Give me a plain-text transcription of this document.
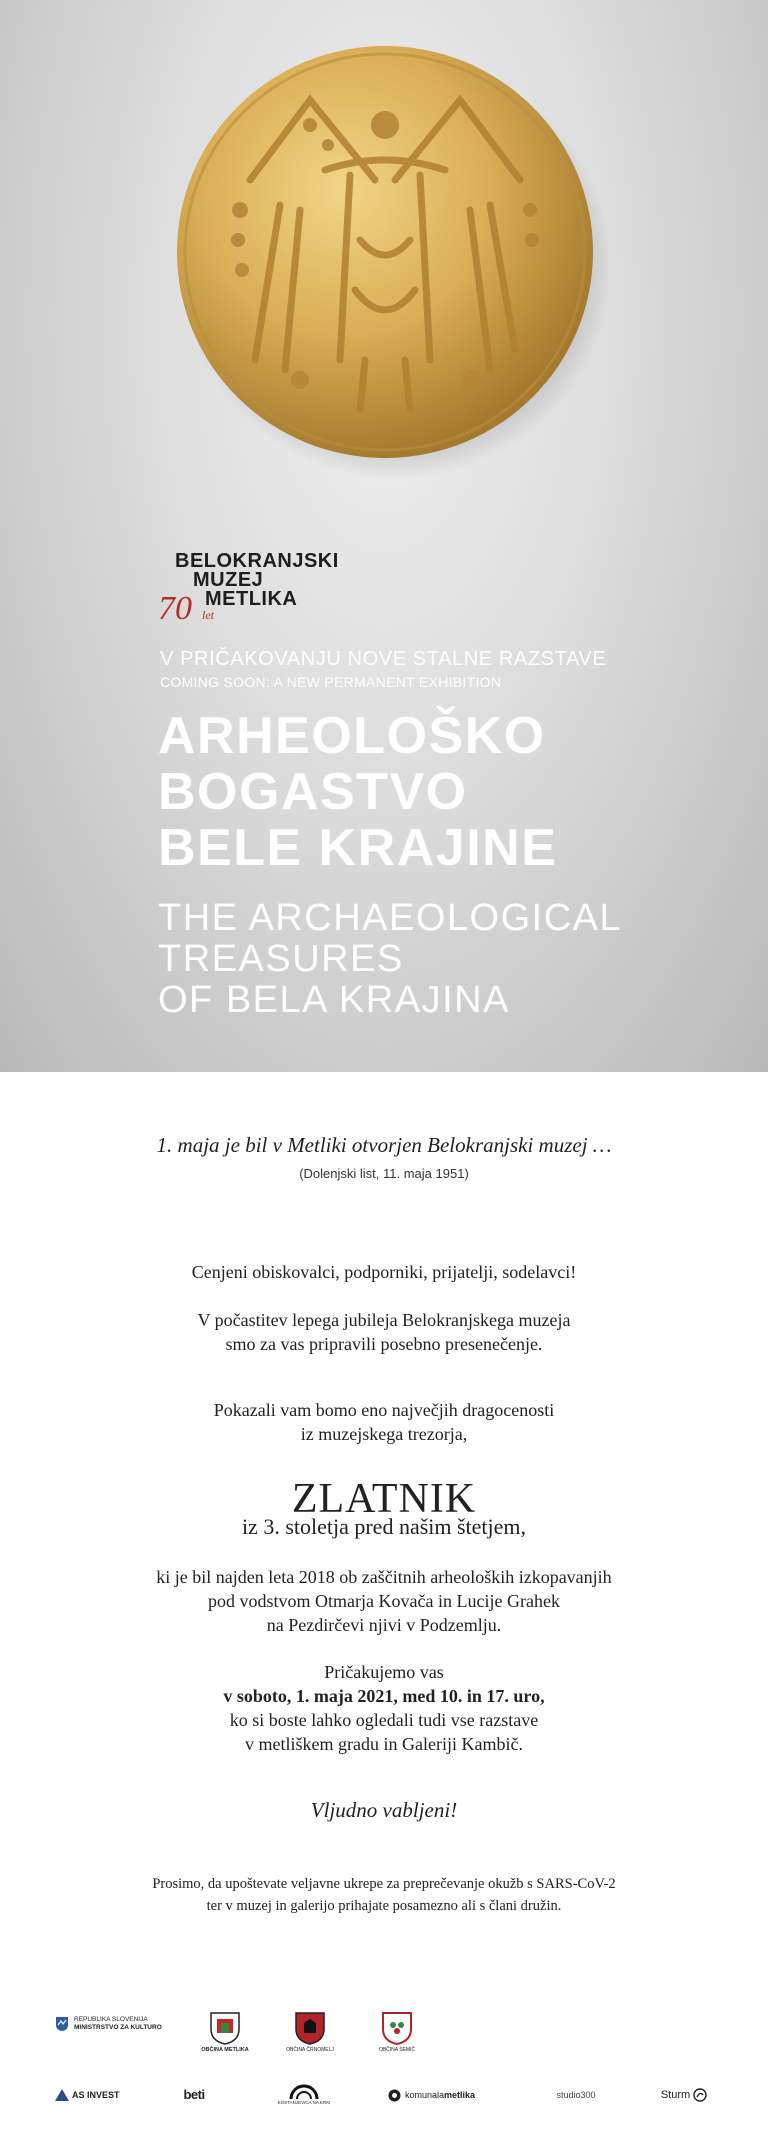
BELOKRANJSKI
MUZEJ
METLIKA
70 let
V PRIČAKOVANJU NOVE STALNE RAZSTAVE
COMING SOON: A NEW PERMANENT EXHIBITION
ARHEOLOŠKO
BOGASTVO
BELE KRAJINE
THE ARCHAEOLOGICAL
TREASURES
OF BELA KRAJINA
1. maja je bil v Metliki otvorjen Belokranjski muzej …
(Dolenjski list, 11. maja 1951)
Cenjeni obiskovalci, podporniki, prijatelji, sodelavci!
V počastitev lepega jubileja Belokranjskega muzeja
smo za vas pripravili posebno presenečenje.
Pokazali vam bomo eno največjih dragocenosti
iz muzejskega trezorja,
ZLATNIK
iz 3. stoletja pred našim štetjem,
ki je bil najden leta 2018 ob zaščitnih arheoloških izkopavanjih
pod vodstvom Otmarja Kovača in Lucije Grahek
na Pezdirčevi njivi v Podzemlju.
Pričakujemo vas
v soboto, 1. maja 2021, med 10. in 17. uro,
ko si boste lahko ogledali tudi vse razstave
v metliškem gradu in Galeriji Kambič.
Vljudno vabljeni!
Prosimo, da upoštevate veljavne ukrepe za preprečevanje okužb s SARS-CoV-2
ter v muzej in galerijo prihajate posamezno ali s člani družin.
REPUBLIKA SLOVENIJA
MINISTRSTVO ZA KULTURO
OBČINA METLIKA	OBČINA ČRNOMELJ	OBČINA SEMIČ
AS INVEST	beti
KOSTANJEVICA NA KRKI
komunala metlika	studio300	Sturm
